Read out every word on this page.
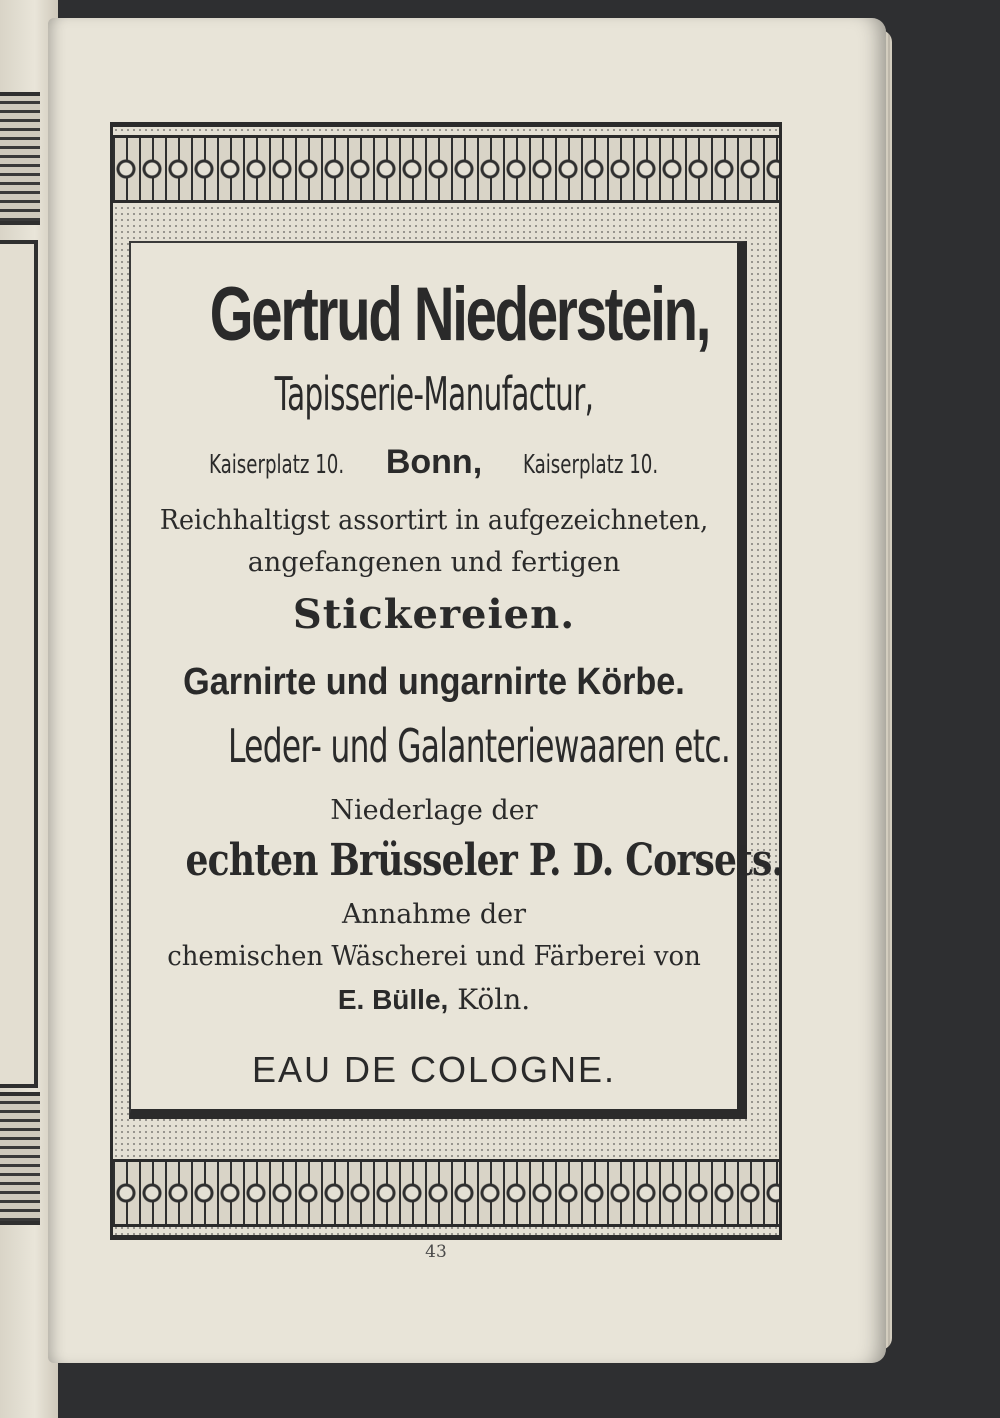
Gertrud Niederstein,
Tapisserie-Manufactur,
Kaiserplatz 10. Bonn, Kaiserplatz 10.
Reichhaltigst assortirt in aufgezeichneten,
angefangenen und fertigen
Stickereien.
Garnirte und ungarnirte Körbe.
Leder- und Galanteriewaaren etc.
Niederlage der
echten Brüsseler P. D. Corsets.
Annahme der
chemischen Wäscherei und Färberei von
E. Bülle, Köln.
EAU DE COLOGNE.
43
